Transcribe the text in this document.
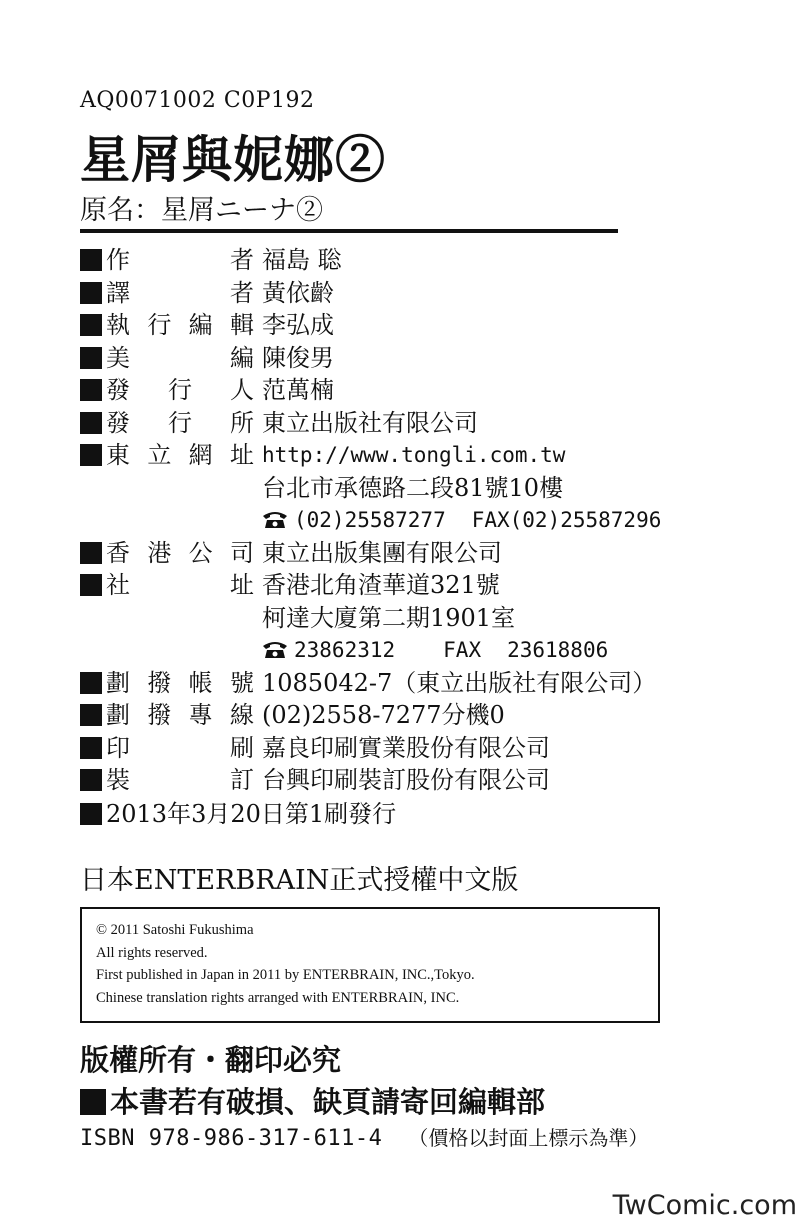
AQ0071002 C0P192
星屑與妮娜②
原名：星屑ニーナ②
作者 福島 聡
譯者 黃依齡
執行編輯 李弘成
美編 陳俊男
發行人 范萬楠
發行所 東立出版社有限公司
東立網址 http://www.tongli.com.tw
台北市承德路二段81號10樓
(02)25587277 FAX(02)25587296
香港公司 東立出版集團有限公司
社址 香港北角渣華道321號
柯達大廈第二期1901室
23862312 FAX 23618806
劃撥帳號 1085042-7（東立出版社有限公司）
劃撥專線 (02)2558-7277分機0
印刷 嘉良印刷實業股份有限公司
裝訂 台興印刷裝訂股份有限公司
2013年3月20日第1刷發行
日本ENTERBRAIN正式授權中文版
© 2011 Satoshi Fukushima
All rights reserved.
First published in Japan in 2011 by ENTERBRAIN, INC.,Tokyo.
Chinese translation rights arranged with ENTERBRAIN, INC.
版權所有・翻印必究
本書若有破損、缺頁請寄回編輯部
ISBN 978-986-317-611-4 （價格以封面上標示為準）
TwComic.com
